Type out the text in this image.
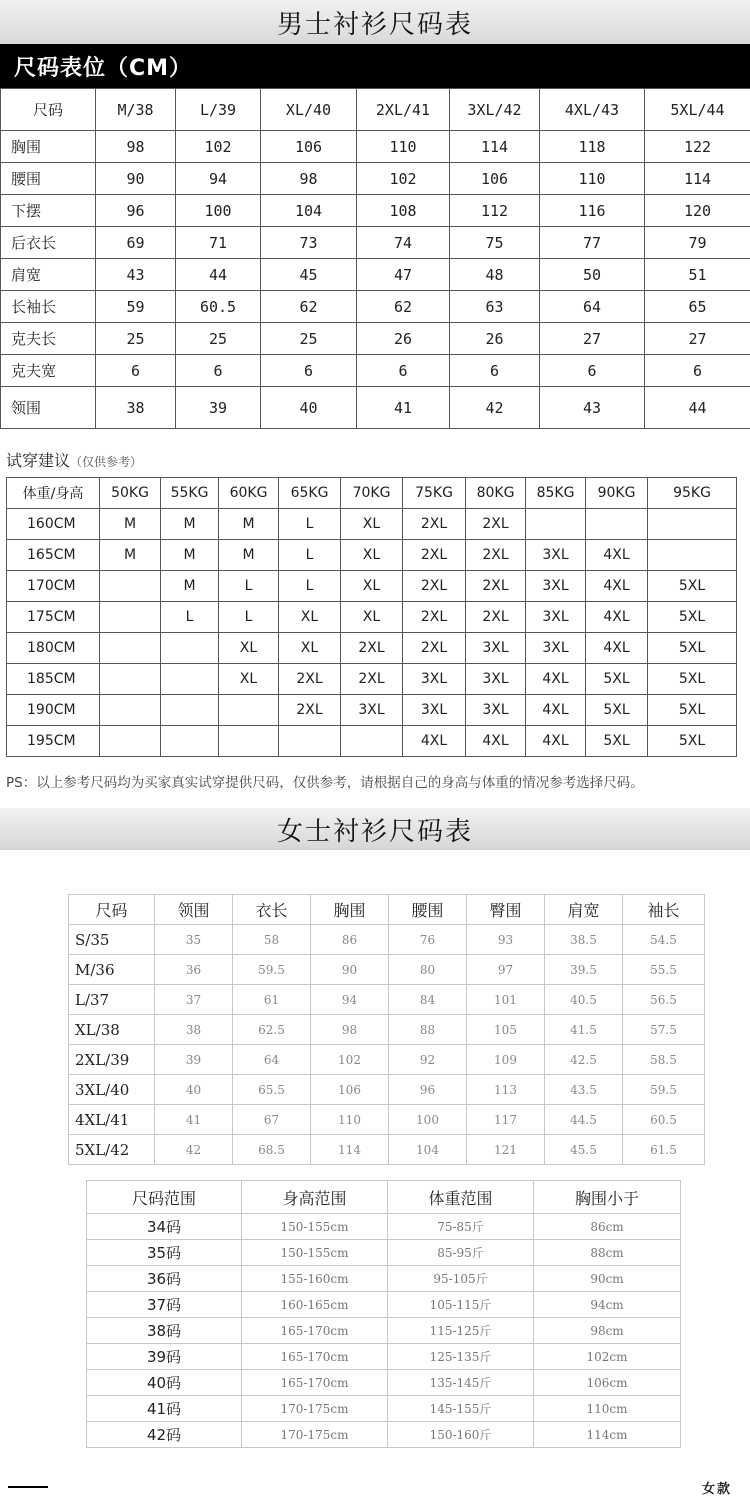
男士衬衫尺码表
尺码表位（CM）
尺码	M/38	L/39	XL/40	2XL/41	3XL/42	4XL/43	5XL/44
胸围	98	102	106	110	114	118	122
腰围	90	94	98	102	106	110	114
下摆	96	100	104	108	112	116	120
后衣长	69	71	73	74	75	77	79
肩宽	43	44	45	47	48	50	51
长袖长	59	60.5	62	62	63	64	65
克夫长	25	25	25	26	26	27	27
克夫宽	6	6	6	6	6	6	6
领围	38	39	40	41	42	43	44
试穿建议（仅供参考）
体重/身高	50KG	55KG	60KG	65KG	70KG	75KG	80KG	85KG	90KG	95KG
160CM	M	M	M	L	XL	2XL	2XL			
165CM	M	M	M	L	XL	2XL	2XL	3XL	4XL	
170CM		M	L	L	XL	2XL	2XL	3XL	4XL	5XL
175CM		L	L	XL	XL	2XL	2XL	3XL	4XL	5XL
180CM			XL	XL	2XL	2XL	3XL	3XL	4XL	5XL
185CM			XL	2XL	2XL	3XL	3XL	4XL	5XL	5XL
190CM				2XL	3XL	3XL	3XL	4XL	5XL	5XL
195CM						4XL	4XL	4XL	5XL	5XL
PS：以上参考尺码均为买家真实试穿提供尺码，仅供参考，请根据自己的身高与体重的情况参考选择尺码。
女士衬衫尺码表
尺码	领围	衣长	胸围	腰围	臀围	肩宽	袖长
S/35	35	58	86	76	93	38.5	54.5
M/36	36	59.5	90	80	97	39.5	55.5
L/37	37	61	94	84	101	40.5	56.5
XL/38	38	62.5	98	88	105	41.5	57.5
2XL/39	39	64	102	92	109	42.5	58.5
3XL/40	40	65.5	106	96	113	43.5	59.5
4XL/41	41	67	110	100	117	44.5	60.5
5XL/42	42	68.5	114	104	121	45.5	61.5
尺码范围	身高范围	体重范围	胸围小于
34码	150-155cm	75-85斤	86cm
35码	150-155cm	85-95斤	88cm
36码	155-160cm	95-105斤	90cm
37码	160-165cm	105-115斤	94cm
38码	165-170cm	115-125斤	98cm
39码	165-170cm	125-135斤	102cm
40码	165-170cm	135-145斤	106cm
41码	170-175cm	145-155斤	110cm
42码	170-175cm	150-160斤	114cm
女款
